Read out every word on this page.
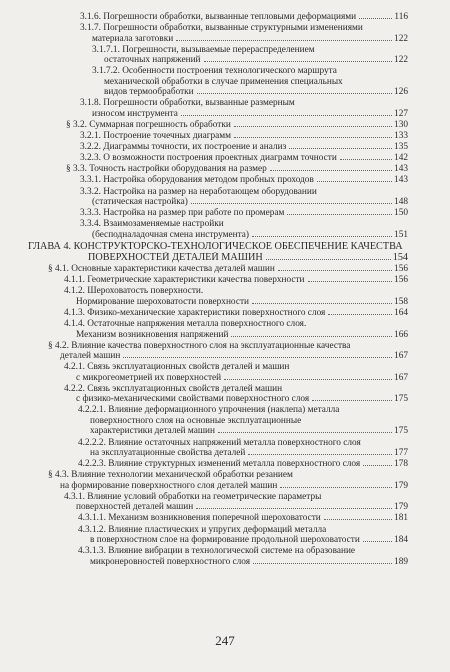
3.1.6. Погрешности обработки, вызванные тепловыми деформациями	116
3.1.7. Погрешности обработки, вызванные структурными изменениями
материала заготовки	122
3.1.7.1. Погрешности, вызываемые перераспределением
остаточных напряжений	122
3.1.7.2. Особенности построения технологического маршрута
механической обработки в случае применения специальных
видов термообработки	126
3.1.8. Погрешности обработки, вызванные размерным
износом инструмента	127
§ 3.2. Суммарная погрешность обработки	130
3.2.1. Построение точечных диаграмм	133
3.2.2. Диаграммы точности, их построение и анализ	135
3.2.3. О возможности построения проектных диаграмм точности	142
§ 3.3. Точность настройки оборудования на размер	143
3.3.1. Настройка оборудования методом пробных проходов	143
3.3.2. Настройка на размер на неработающем оборудовании
(статическая настройка)	148
3.3.3. Настройка на размер при работе по промерам	150
3.3.4. Взаимозаменяемые настройки
(бесподналадочная смена инструмента)	151
ГЛАВА 4. КОНСТРУКТОРСКО-ТЕХНОЛОГИЧЕСКОЕ ОБЕСПЕЧЕНИЕ КАЧЕСТВА
ПОВЕРХНОСТЕЙ ДЕТАЛЕЙ МАШИН	154
§ 4.1. Основные характеристики качества деталей машин	156
4.1.1. Геометрические характеристики качества поверхности	156
4.1.2. Шероховатость поверхности.
Нормирование шероховатости поверхности	158
4.1.3. Физико-механические характеристики поверхностного слоя	164
4.1.4. Остаточные напряжения металла поверхностного слоя.
Механизм возникновения напряжений	166
§ 4.2. Влияние качества поверхностного слоя на эксплуатационные качества
деталей машин	167
4.2.1. Связь эксплуатационных свойств деталей и машин
с микрогеометрией их поверхностей	167
4.2.2. Связь эксплуатационных свойств деталей машин
с физико-механическими свойствами поверхностного слоя	175
4.2.2.1. Влияние деформационного упрочнения (наклепа) металла
поверхностного слоя на основные эксплуатационные
характеристики деталей машин	175
4.2.2.2. Влияние остаточных напряжений металла поверхностного слоя
на эксплуатационные свойства деталей	177
4.2.2.3. Влияние структурных изменений металла поверхностного слоя	178
§ 4.3. Влияние технологии механической обработки резанием
на формирование поверхностного слоя деталей машин	179
4.3.1. Влияние условий обработки на геометрические параметры
поверхностей деталей машин	179
4.3.1.1. Механизм возникновения поперечной шероховатости	181
4.3.1.2. Влияние пластических и упругих деформаций металла
в поверхностном слое на формирование продольной шероховатости	184
4.3.1.3. Влияние вибрации в технологической системе на образование
микронеровностей поверхностного слоя	189
247
